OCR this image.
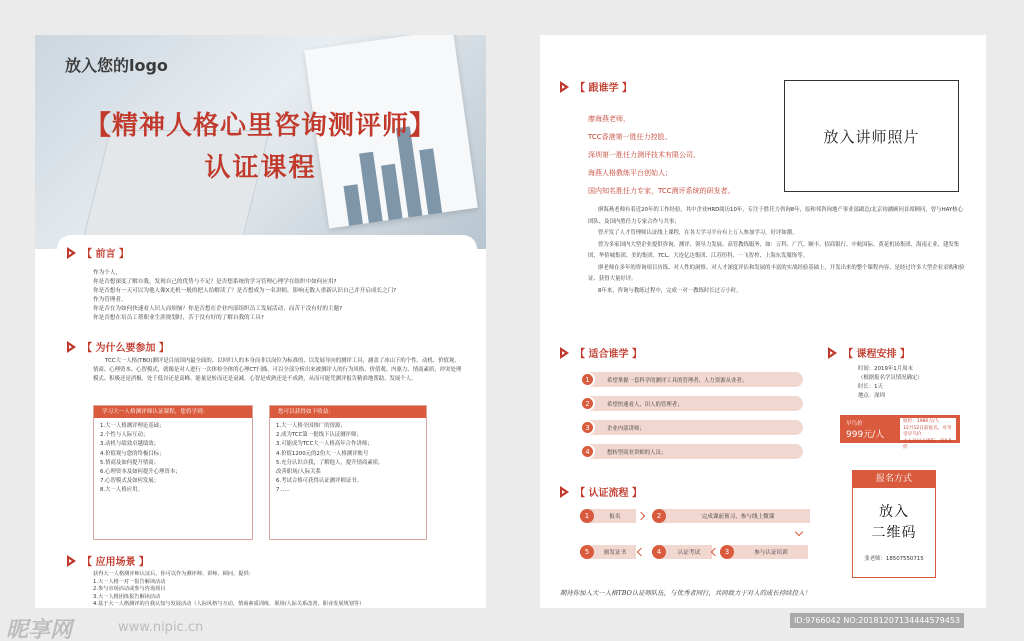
放入您的logo
【精神人格心里咨询测评师】
认证课程
【 前言 】

作为个人，

你是否想深度了解自我，发现自己的优势与不足？是否想系统的学习管理心理学在组织中如何应用?

你是否想有一天可以为他人像X光机一般的把人给解读了？是否想成为一名讲师，影响无数人重新认识自己并开启成长之门?

作为管理者，

你是否在为如何快速看人识人而烦恼？你是否想在企业内部组织员工发展活动，而苦于没有好的主题?

你是否想在培员工帮职业生涯规划时，苦于没有好的了解自我的工具?

【 为什么要参加 】
TCC大一人格(TBO)测评是目前国内最全面的、以回归人的本身而非以岗位为标准的、以发展导向的测评工具，涵盖了冰山下的个性、动机、价值观、情商、心理资本、心智模式，就像是对人进行一次体检全体的心理CT扫描，可以全部分析出来被测评人的行为风格、价值观、内驱力、情商素质、冲突处理模式、积极还是消极、处于低谷还是高峰、能量是转而还是衰减，心智是成熟还是不成熟，从而可能凭测评报告精准地帮助、发展个人。
学习大一人格测评师认证课程，您将学到：

1.大一人格测评理论基础；

2.个性与人际互动；

3.动机与绩效卓越绩效；

4.价值观与您的终极目标；

5.情商及如何提升情商；

6.心理资本及如何提升心理资本；

7.心智模式及如何发展；

8.大一人格应用。

您可以获得如下收益：

1.大一人格全国推广的资源；

2.成为TCC第一批线下认证测评师；

3.可能成为TCC大一人格高年合作讲师；

4.价值1200元的2份大一人格测评账号

5.充分认识自我，了解他人，提升情商素质,

改善职场/人际关系

6.考试合格可获得认证测评师证书。

7......

【 应用场景 】

获得大一人格测评师认证后，你可以作为测评师、讲师、顾问，提供：

1.大一人格一对一报告解读活动

2.参与市场活动或参与咨询项目

3.大一人格团体报告解读活动

4.基于大一人格测评的自我认知与发展活动（人际风格与互动，情商素质训练，职场/人际关系改善，职业发展规划等）

【 跟谁学 】

廖海燕老师，

TCC香港第一胜任力控股、

深圳第一胜任力测评技术有限公司、

海燕人格教练平台创始人；

国内知名胜任力专家，TCC测评系统的研发者。

放入讲师照片

廖海燕老师有着近20年的工作经验，其中企业HRD阅历10年，专注于胜任力咨询8年，原和邦咨询地产事业部副总/北京钧涵顾问首席顾问，曾与HAY核心团队、及国内胜任力专家合作与共事；

曾开发了人才管理师认证线上课程，在各大学习平台有上万人参加学习，好评如潮。

曾为多家国内大型企业提供咨询、测评、领导力发展、高管教练服务，如：万科、广汽、顺丰、招商银行、中航国际、黄花机场集团、海南正业、建发集团、华侨城集团、美的集团、TCL、大连亿达集团、江苏恒科、一飞智控、上海东发服饰等。

廖老师在多年的咨询项目历练、对人性的洞察、对人才深度评估和发展的丰富的实战经验基础上，开发出来的整个课程内容，是经过许多大型企业采购和验证、获得大量好评。

8年来，咨询与教练过程中，完成一对一教练时长过万小时。

【 适合谁学 】
1	希望掌握一套科学的测评工具的管理者、人力资源从业者；
2	希望快速看人、识人的管理者；
3	企业内部讲师；
4	想转型商业讲师的人员；
【 课程安排 】

时间：2019年1月周末

（根据报名学员情况确定）

时长：1天

地点：深圳

早鸟价
999元/人

原价：1980元/人

12月12日前报名，可享受早鸟价

十人及以上团报，享8.5折

报名方式

放入

二维码

张老师：18507550715
【 认证流程 】
1	报名	2	完成课前预习，参与线上微课
5	颁发证书	4	认证考试	3	参与认证培训
期待你加入大一人格TBO认证师队伍，与优秀者同行，共同致力于对人的成长持续投入！
昵享网	www.nipic.cn	ID:9766042 NO:20181207134444579453
